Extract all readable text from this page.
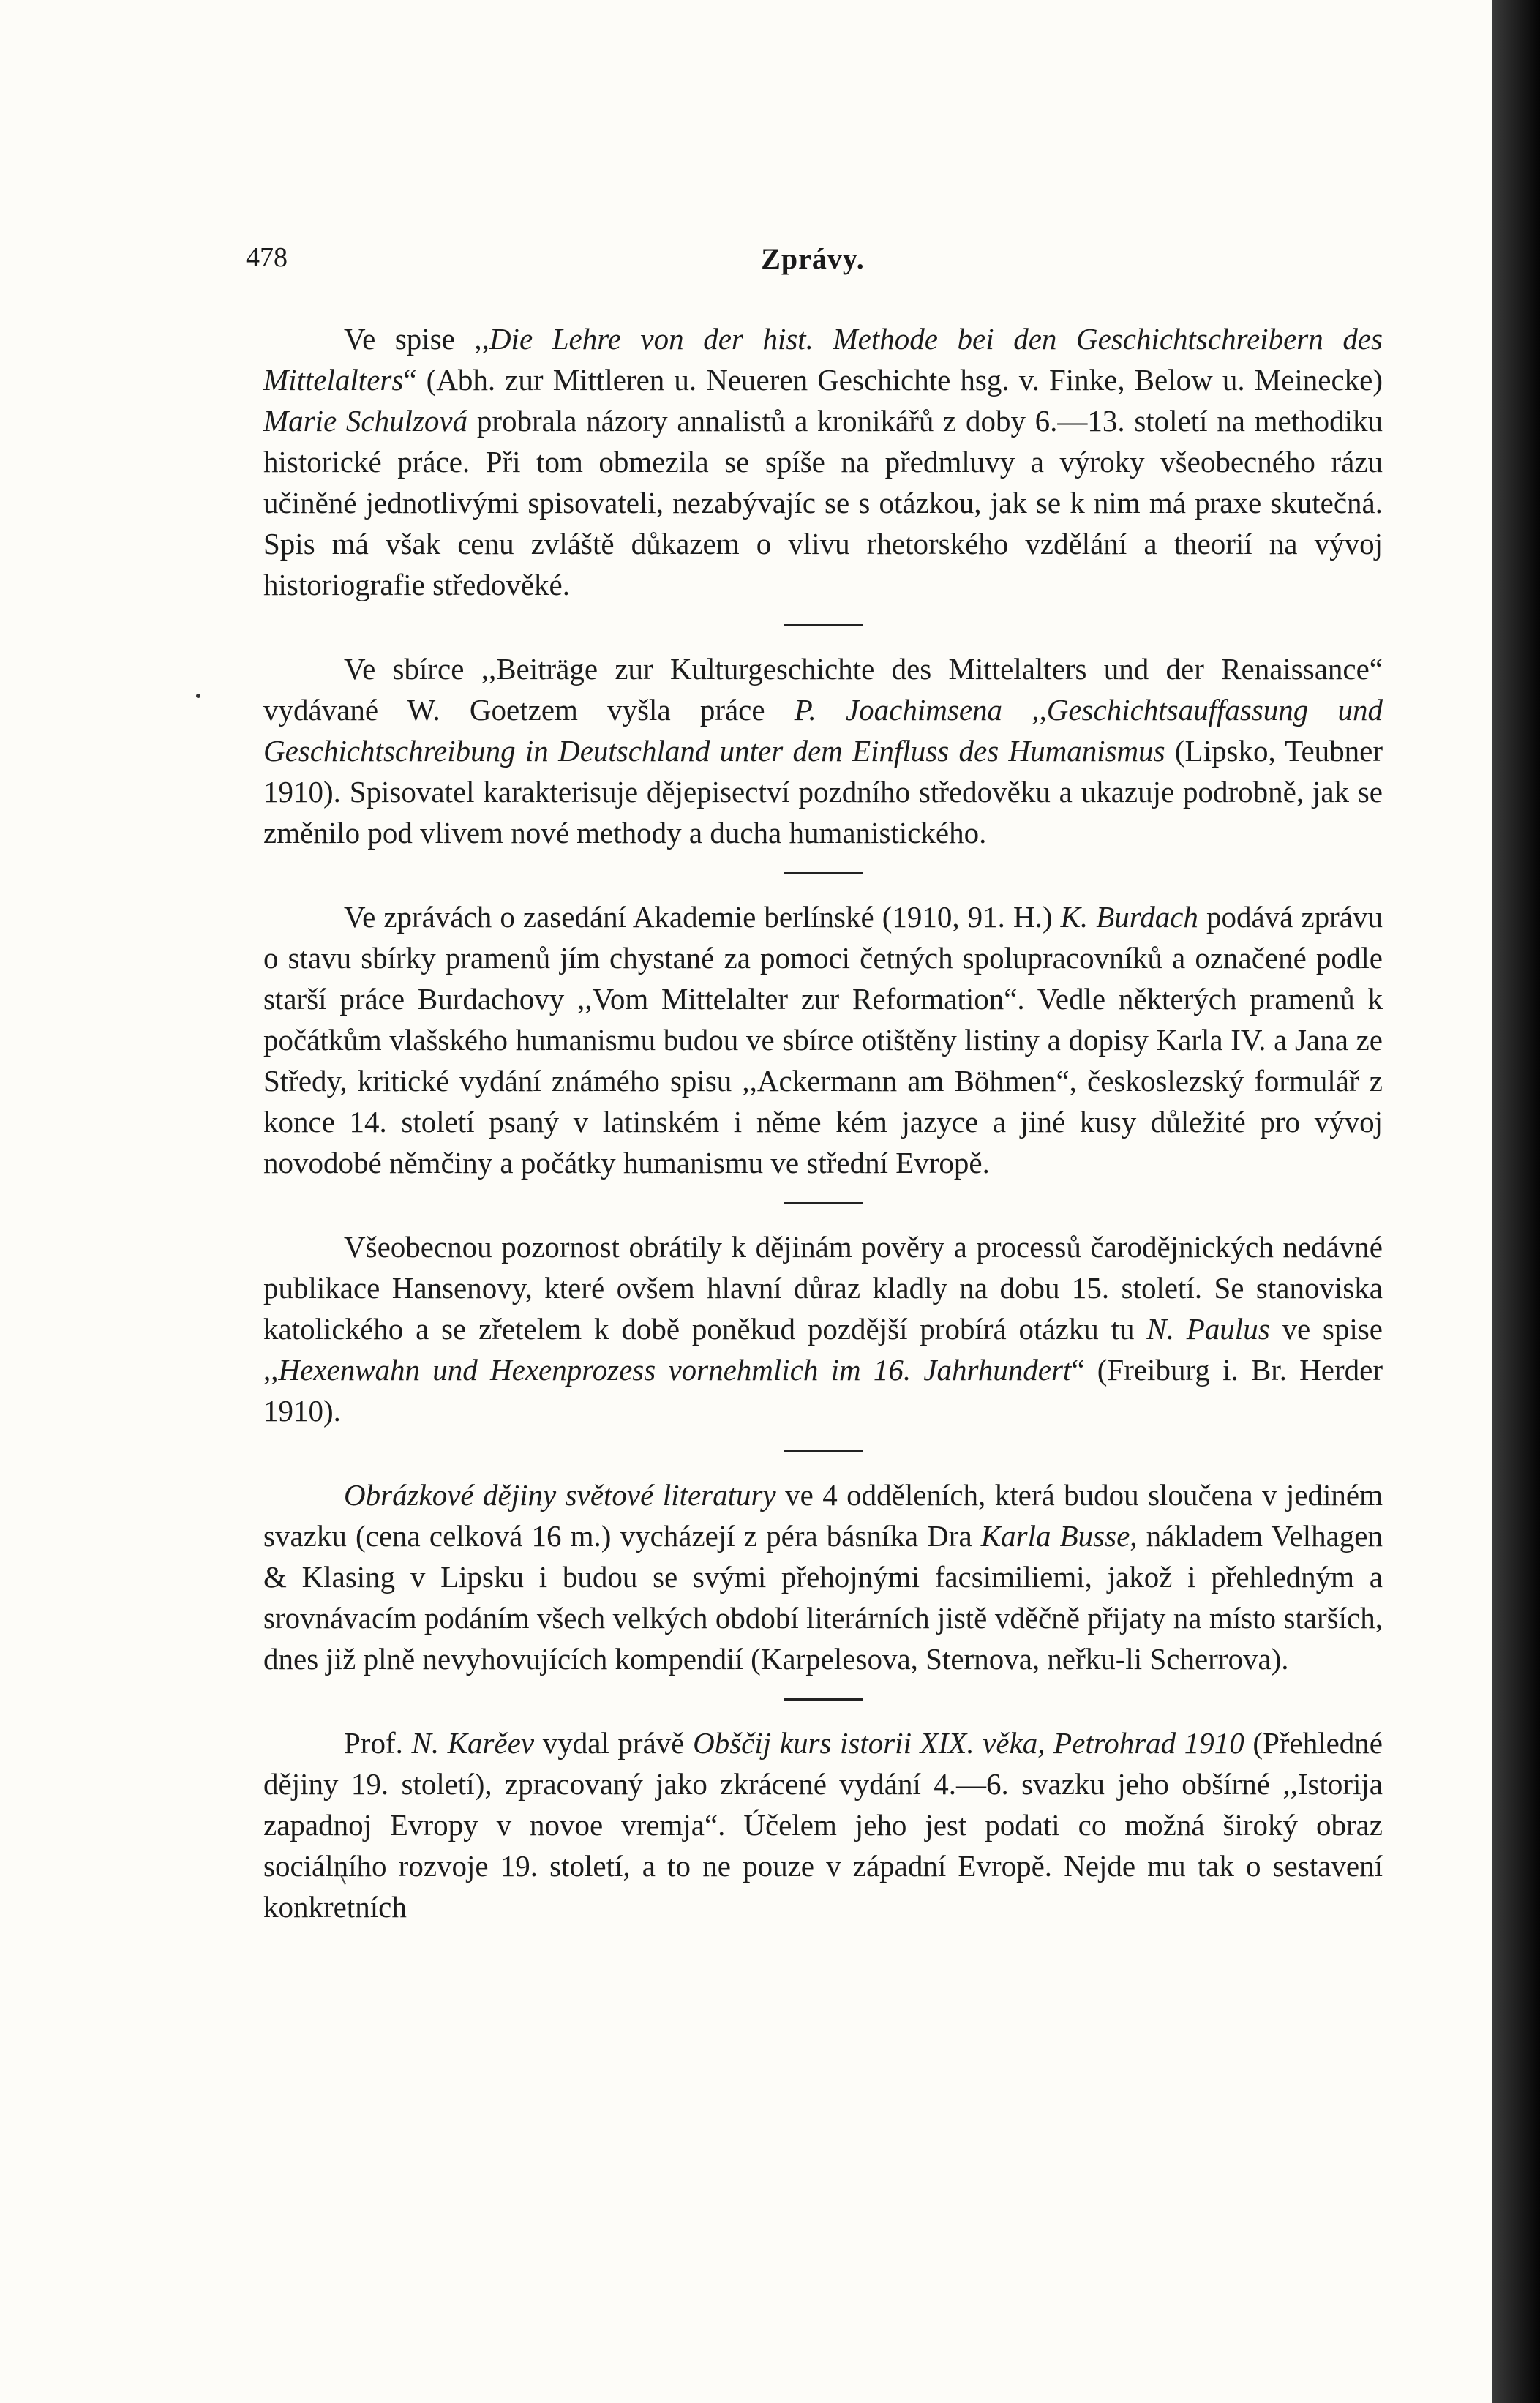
478	Zprávy.

Ve spise ,,Die Lehre von der hist. Methode bei den Geschichtschreibern des Mittelalters“ (Abh. zur Mittleren u. Neueren Geschichte hsg. v. Finke, Below u. Meinecke) Marie Schulzová probrala názory annalistů a kronikářů z doby 6.—13. století na methodiku historické práce. Při tom obmezila se spíše na předmluvy a výroky všeobecného rázu učiněné jednotlivými spisovateli, nezabývajíc se s otázkou, jak se k nim má praxe skutečná. Spis má však cenu zvláště důkazem o vlivu rhetorského vzdělání a theorií na vývoj historiografie středověké.

Ve sbírce ,,Beiträge zur Kulturgeschichte des Mittelalters und der Renaissance“ vydávané W. Goetzem vyšla práce P. Joachimsena ,,Geschichtsauffassung und Geschichtschreibung in Deutschland unter dem Einfluss des Humanismus (Lipsko, Teubner 1910). Spisovatel karakterisuje dějepisectví pozdního středověku a ukazuje podrobně, jak se změnilo pod vlivem nové methody a ducha humanistického.

Ve zprávách o zasedání Akademie berlínské (1910, 91. H.) K. Burdach podává zprávu o stavu sbírky pramenů jím chystané za pomoci četných spolupracovníků a označené podle starší práce Burdachovy ,,Vom Mittelalter zur Reformation“. Vedle některých pramenů k počátkům vlašského humanismu budou ve sbírce otištěny listiny a dopisy Karla IV. a Jana ze Středy, kritické vydání známého spisu ,,Ackermann am Böhmen“, českoslezský formulář z konce 14. století psaný v latinském i něme kém jazyce a jiné kusy důležité pro vývoj novodobé němčiny a počátky humanismu ve střední Evropě.

Všeobecnou pozornost obrátily k dějinám pověry a processů čarodějnických nedávné publikace Hansenovy, které ovšem hlavní důraz kladly na dobu 15. století. Se stanoviska katolického a se zřetelem k době poněkud pozdější probírá otázku tu N. Paulus ve spise ,,Hexenwahn und Hexenprozess vornehmlich im 16. Jahrhundert“ (Freiburg i. Br. Herder 1910).

Obrázkové dějiny světové literatury ve 4 odděleních, která budou sloučena v jediném svazku (cena celková 16 m.) vycházejí z péra básníka Dra Karla Busse, nákladem Velhagen & Klasing v Lipsku i budou se svými přehojnými facsimiliemi, jakož i přehledným a srovnávacím podáním všech velkých období literárních jistě vděčně přijaty na místo starších, dnes již plně nevyhovujících kompendií (Karpelesova, Sternova, neřku-li Scherrova).

Prof. N. Karěev vydal právě Obščij kurs istorii XIX. věka, Petrohrad 1910 (Přehledné dějiny 19. století), zpracovaný jako zkrácené vydání 4.—6. svazku jeho obšírné ,,Istorija zapadnoj Evropy v novoe vremja“. Účelem jeho jest podati co možná široký obraz sociálního rozvoje 19. století, a to ne pouze v západní Evropě. Nejde mu tak o sestavení konkretních
